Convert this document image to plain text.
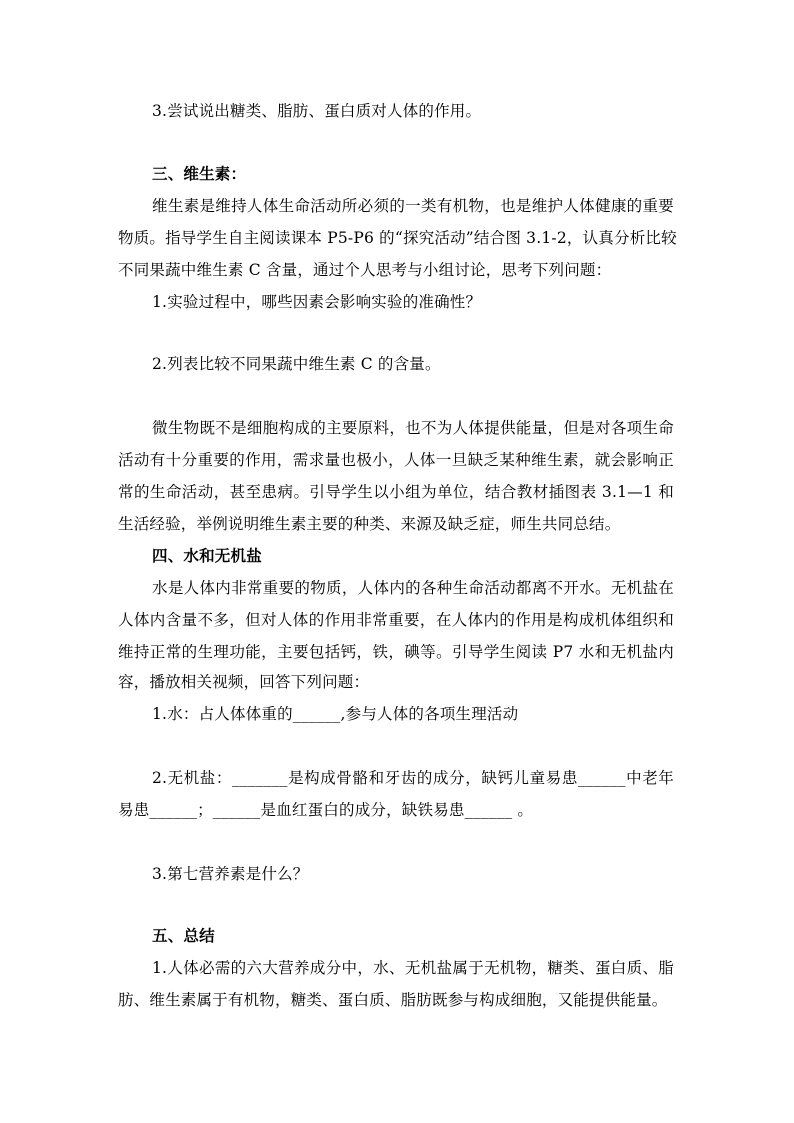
3.尝试说出糖类、脂肪、蛋白质对人体的作用。
三、维生素：
维生素是维持人体生命活动所必须的一类有机物，也是维护人体健康的重要
物质。指导学生自主阅读课本 P5-P6 的“探究活动”结合图 3.1-2，认真分析比较
不同果蔬中维生素 C 含量，通过个人思考与小组讨论，思考下列问题：
1.实验过程中，哪些因素会影响实验的准确性？
2.列表比较不同果蔬中维生素 C 的含量。
微生物既不是细胞构成的主要原料，也不为人体提供能量，但是对各项生命
活动有十分重要的作用，需求量也极小，人体一旦缺乏某种维生素，就会影响正
常的生命活动，甚至患病。引导学生以小组为单位，结合教材插图表 3.1—1 和
生活经验，举例说明维生素主要的种类、来源及缺乏症，师生共同总结。
四、水和无机盐
水是人体内非常重要的物质，人体内的各种生命活动都离不开水。无机盐在
人体内含量不多，但对人体的作用非常重要，在人体内的作用是构成机体组织和
维持正常的生理功能，主要包括钙，铁，碘等。引导学生阅读 P7 水和无机盐内
容，播放相关视频，回答下列问题：
1.水：占人体体重的______,参与人体的各项生理活动
2.无机盐：_______是构成骨骼和牙齿的成分，缺钙儿童易患______中老年
易患______；______是血红蛋白的成分，缺铁易患______ 。
3.第七营养素是什么？
五、总结
1.人体必需的六大营养成分中，水、无机盐属于无机物，糖类、蛋白质、脂
肪、维生素属于有机物，糖类、蛋白质、脂肪既参与构成细胞，又能提供能量。
